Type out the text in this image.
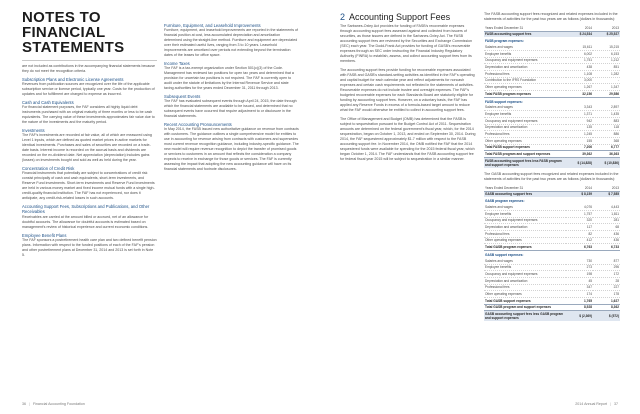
NOTES TO FINANCIAL STATEMENTS

are not included as contributions in the accompanying financial statements because they do not meet the recognition criteria.

Subscription Plans and Electronic License Agreements

Revenues from publication sources are recognized over the life of the applicable subscription service or license period, typically one year. Costs for the production of updates and for fulfillment are charged to expense as incurred.

Cash and Cash Equivalents

For financial statement purposes, the FAF considers all highly liquid debt instruments purchased with an original maturity of three months or less to be cash equivalents. The carrying value of these investments approximates fair value due to the nature of the investments and the maturity period.

Investments

The FAF's investments are recorded at fair value, all of which are measured using Level 1 inputs, which are defined as quoted market prices in active markets for identical investments. Purchases and sales of securities are recorded on a trade-date basis. Interest income is recorded on the accrual basis and dividends are recorded on the ex-dividend date. Net appreciation (depreciation) includes gains (losses) on investments bought and sold as well as held during the year.

Concentration of Credit Risk

Financial instruments that potentially are subject to concentrations of credit risk consist principally of cash and cash equivalents, short-term investments, and Reserve Fund investments. Short-term investments and Reserve Fund investments are held in various money market and fixed income mutual funds with a single high-credit-quality financial institution. The FAF has not experienced, nor does it anticipate, any credit-risk-related losses in such accounts.

Accounting Support Fees, Subscriptions and Publications, and Other Receivables

Receivables are carried at the amount billed or accrued, net of an allowance for doubtful accounts. The allowance for doubtful accounts is estimated based on management's review of historical experience and current economic conditions.

Employee Benefit Plans

The FAF sponsors a postretirement health care plan and two defined benefit pension plans. Information with respect to the funded positions of each of the FAF's pension and other postretirement plans at December 31, 2014 and 2013 is set forth in Note 5.

Furniture, Equipment, and Leasehold Improvements

Furniture, equipment, and leasehold improvements are reported in the statements of financial position at cost, less accumulated depreciation and amortization determined using the straight-line method. Furniture and equipment are depreciated over their estimated useful lives, ranging from 3 to 10 years. Leasehold improvements are amortized over periods not extending beyond the termination dates of the leases for office space.

Income Taxes

The FAF is a tax-exempt organization under Section 501(c)(3) of the Code. Management has reviewed tax positions for open tax years and determined that a provision for uncertain tax positions is not required. The FAF is currently open to audit under the statute of limitations by the Internal Revenue Service and state taxing authorities for the years ended December 31, 2011 through 2013.

Subsequent Events

The FAF has evaluated subsequent events through April 24, 2015, the date through which the financial statements are available to be issued, and determined that no subsequent events have occurred that require adjustment to or disclosure in the financial statements.

Recent Accounting Pronouncements

In May 2014, the FASB issued new authoritative guidance on revenue from contracts with customers. The guidance outlines a single comprehensive model for entities to use in accounting for revenue arising from contracts with customers and supersedes most current revenue recognition guidance, including industry-specific guidance. The new model will require revenue recognition to depict the transfer of promised goods or services to customers in an amount that reflects the consideration a company expects to receive in exchange for those goods or services. The FAF is currently assessing the impact that adopting the new accounting guidance will have on its financial statements and footnote disclosures.

2 Accounting Support Fees

The Sarbanes-Oxley Act provides for funding of FASB's recoverable expenses through accounting support fees assessed against and collected from issuers of securities, as those issuers are defined in the Sarbanes-Oxley Act. The FASB accounting support fees are reviewed by the Securities and Exchange Commission (SEC) each year. The Dodd-Frank Act provides for funding of GASB's recoverable expenses through an SEC order instructing the Financial Industry Regulatory Authority (FINRA) to establish, assess, and collect accounting support fees from its members.

The accounting support fees provide funding for recoverable expenses associated with FASB and GASB's standard-setting activities as identified in the FAF's operating and capital budget for each calendar year and reflect adjustments for noncash expenses and certain cash requirements not reflected in the statements of activities. Recoverable expenses do not include trustee and oversight expenses. The FAF's budgeted recoverable expenses for each Standards Board are statutorily eligible for funding by accounting support fees. However, on a voluntary basis, the FAF has applied any Reserve Funds in excess of a formula-based target amount to reduce what the FAF would otherwise be entitled to collect in accounting support fees.

The Office of Management and Budget (OMB) has determined that the FASB is subject to sequestration pursuant to the Budget Control Act of 2011. Sequestration amounts are determined on the federal government's fiscal year, which, for the 2014 sequestration, began on October 1, 2013, and ended on September 30, 2014. During 2014, the FAF sequestered approximately $1.7 million with respect to the FASB accounting support fee. In November 2014, the OMB notified the FAF that the 2014 sequestered funds were available for spending for the 2015 federal fiscal year, which began October 1, 2014. The FAF understands that the FASB accounting support fee for federal fiscal year 2015 will be subject to sequestration in a similar manner.

The FASB accounting support fees recognized and related expenses included in the statements of activities for the past two years are as follows (dollars in thousands):

Years Ended December 31	2014	2013
FASB accounting support fees	$ 24,534	$ 25,527
FASB program expenses:		
Salaries and wages	15,611	15,215
Employee benefits	6,002	6,153
Occupancy and equipment expenses	1,751	1,212
Depreciation and amortization	438	851
Professional fees	1,108	1,282
Contribution to the IFRS Foundation	3,000	-
Other operating expenses	1,267	1,347
Total FASB program expenses	32,156	29,586
FASB support expenses:		
Salaries and wages	3,343	2,897
Employee benefits	1,371	1,435
Occupancy and equipment expenses	942	883
Depreciation and amortization	135	118
Professional fees	1,245	886
Other operating expenses	155	368
Total FASB support expenses	7,206	6,777
Total FASB program and support expenses	39,362	36,363
FASB accounting support fees less FASB program and support expenses	$ (14,828)	$ (10,836)

The GASB accounting support fees recognized and related expenses included in the statements of activities for the past two years are as follows (dollars in thousands):

Years Ended December 31	2014	2013
GASB accounting support fees	$ 8,159	$ 7,585
GASB program expenses:		
Salaries and wages	4,076	4,443
Employee benefits	1,757	1,811
Occupancy and equipment expenses	320	281
Depreciation and amortization	117	68
Professional fees	82	436
Other operating expenses	412	436
Total GASB program expenses	6,763	6,733
GASB support expenses:		
Salaries and wages	730	877
Employee benefits	273	296
Occupancy and equipment expenses	198	172
Depreciation and amortization	45	28
Professional fees	347	227
Other operating expenses	174	178
Total GASB support expenses	1,765	1,627
Total GASB program and support expenses	8,528	8,362
GASB accounting support fees less GASB program and support expenses	$ (2,369)	$ (572)
36 | Financial Accounting Foundation	2014 Annual Report | 37
